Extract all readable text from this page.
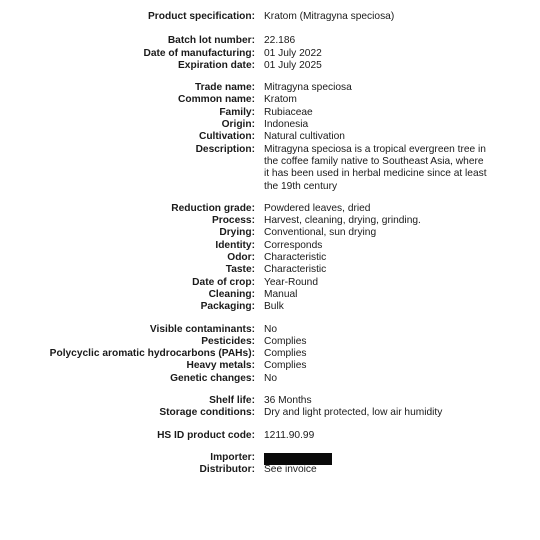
Product specification: Kratom (Mitragyna speciosa)
Batch lot number: 22.186
Date of manufacturing: 01 July 2022
Expiration date: 01 July 2025
Trade name: Mitragyna speciosa
Common name: Kratom
Family: Rubiaceae
Origin: Indonesia
Cultivation: Natural cultivation
Description: Mitragyna speciosa is a tropical evergreen tree in the coffee family native to Southeast Asia, where it has been used in herbal medicine since at least the 19th century
Reduction grade: Powdered leaves, dried
Process: Harvest, cleaning, drying, grinding.
Drying: Conventional, sun drying
Identity: Corresponds
Odor: Characteristic
Taste: Characteristic
Date of crop: Year-Round
Cleaning: Manual
Packaging: Bulk
Visible contaminants: No
Pesticides: Complies
Polycyclic aromatic hydrocarbons (PAHs): Complies
Heavy metals: Complies
Genetic changes: No
Shelf life: 36 Months
Storage conditions: Dry and light protected, low air humidity
HS ID product code: 1211.90.99
Importer:
Distributor: See invoice
